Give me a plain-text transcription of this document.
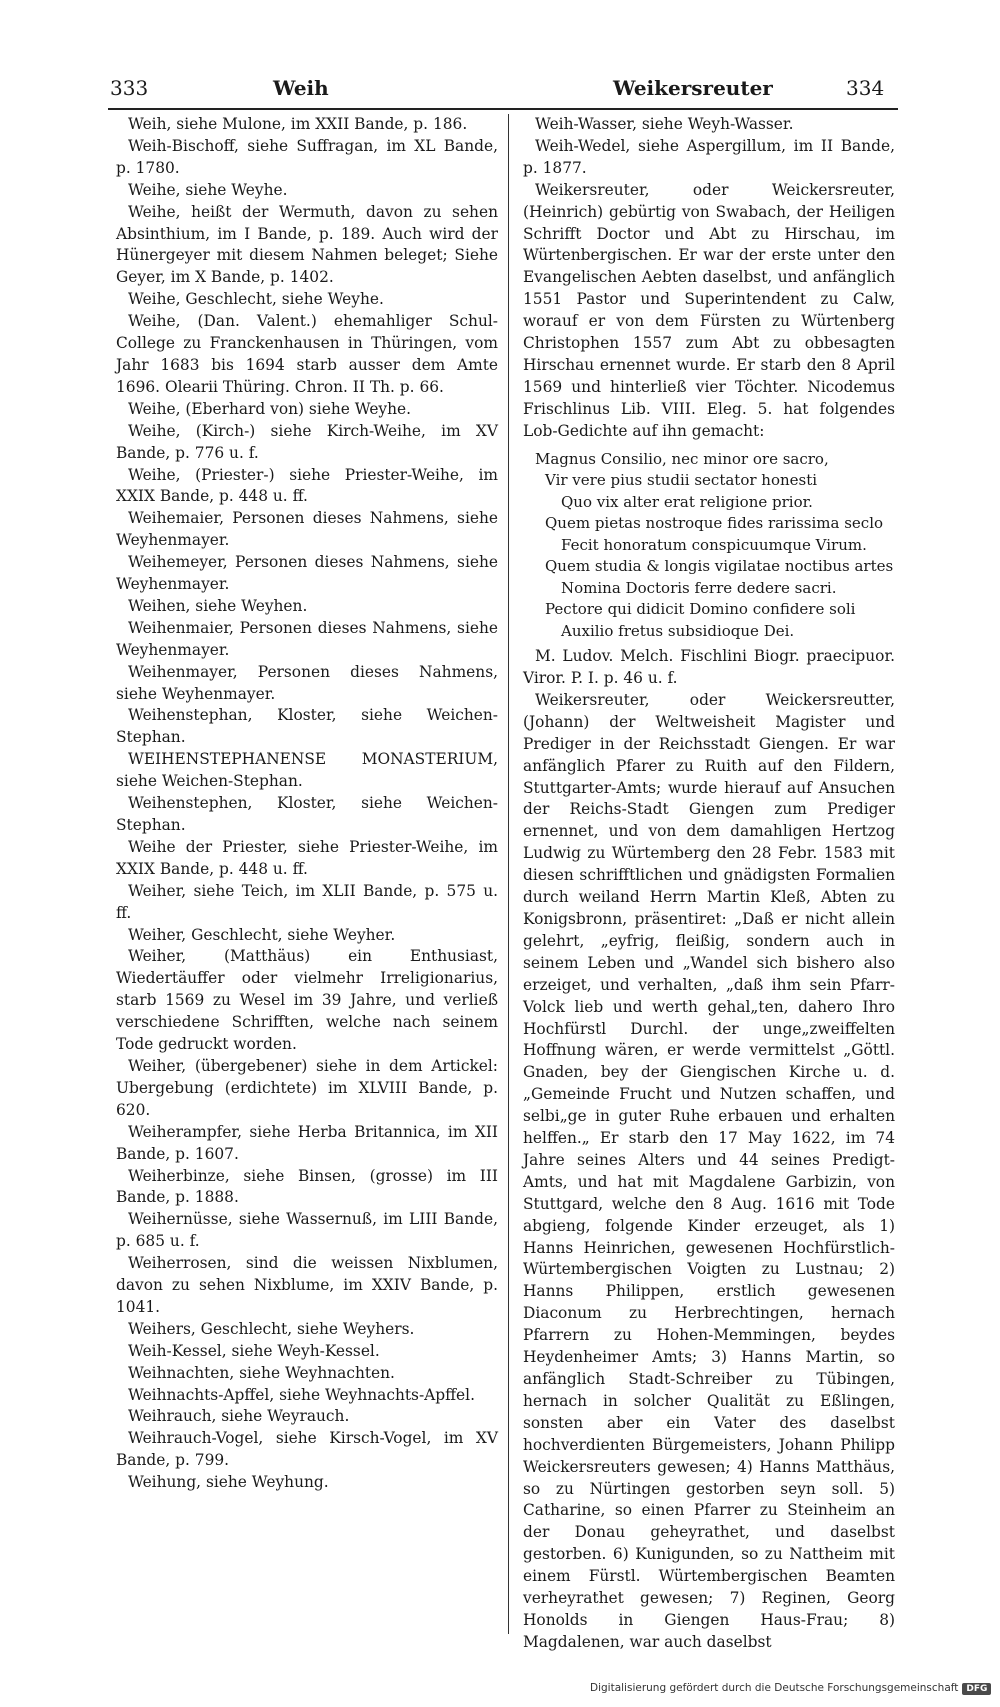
333	Weih	Weikersreuter	334

Weih, siehe Mulone, im XXII Bande, p. 186.

Weih-Bischoff, siehe Suffragan, im XL Bande, p. 1780.

Weihe, siehe Weyhe.

Weihe, heißt der Wermuth, davon zu sehen Absinthium, im I Bande, p. 189. Auch wird der Hünergeyer mit diesem Nahmen beleget; Siehe Geyer, im X Bande, p. 1402.

Weihe, Geschlecht, siehe Weyhe.

Weihe, (Dan. Valent.) ehemahliger Schul-College zu Franckenhausen in Thüringen, vom Jahr 1683 bis 1694 starb ausser dem Amte 1696. Olearii Thüring. Chron. II Th. p. 66.

Weihe, (Eberhard von) siehe Weyhe.

Weihe, (Kirch-) siehe Kirch-Weihe, im XV Bande, p. 776 u. f.

Weihe, (Priester-) siehe Priester-Weihe, im XXIX Bande, p. 448 u. ff.

Weihemaier, Personen dieses Nahmens, siehe Weyhenmayer.

Weihemeyer, Personen dieses Nahmens, siehe Weyhenmayer.

Weihen, siehe Weyhen.

Weihenmaier, Personen dieses Nahmens, siehe Weyhenmayer.

Weihenmayer, Personen dieses Nahmens, siehe Weyhenmayer.

Weihenstephan, Kloster, siehe Weichen-Stephan.

WEIHENSTEPHANENSE MONASTERIUM, siehe Weichen-Stephan.

Weihenstephen, Kloster, siehe Weichen-Stephan.

Weihe der Priester, siehe Priester-Weihe, im XXIX Bande, p. 448 u. ff.

Weiher, siehe Teich, im XLII Bande, p. 575 u. ff.

Weiher, Geschlecht, siehe Weyher.

Weiher, (Matthäus) ein Enthusiast, Wiedertäuffer oder vielmehr Irreligionarius, starb 1569 zu Wesel im 39 Jahre, und verließ verschiedene Schrifften, welche nach seinem Tode gedruckt worden.

Weiher, (übergebener) siehe in dem Artickel: Ubergebung (erdichtete) im XLVIII Bande, p. 620.

Weiherampfer, siehe Herba Britannica, im XII Bande, p. 1607.

Weiherbinze, siehe Binsen, (grosse) im III Bande, p. 1888.

Weihernüsse, siehe Wassernuß, im LIII Bande, p. 685 u. f.

Weiherrosen, sind die weissen Nixblumen, davon zu sehen Nixblume, im XXIV Bande, p. 1041.

Weihers, Geschlecht, siehe Weyhers.

Weih-Kessel, siehe Weyh-Kessel.

Weihnachten, siehe Weyhnachten.

Weihnachts-Apffel, siehe Weyhnachts-Apffel.

Weihrauch, siehe Weyrauch.

Weihrauch-Vogel, siehe Kirsch-Vogel, im XV Bande, p. 799.

Weihung, siehe Weyhung.

Weih-Wasser, siehe Weyh-Wasser.

Weih-Wedel, siehe Aspergillum, im II Bande, p. 1877.

Weikersreuter, oder Weickersreuter, (Heinrich) gebürtig von Swabach, der Heiligen Schrifft Doctor und Abt zu Hirschau, im Würtenbergischen. Er war der erste unter den Evangelischen Aebten daselbst, und anfänglich 1551 Pastor und Superintendent zu Calw, worauf er von dem Fürsten zu Würtenberg Christophen 1557 zum Abt zu obbesagten Hirschau ernennet wurde. Er starb den 8 April 1569 und hinterließ vier Töchter. Nicodemus Frischlinus Lib. VIII. Eleg. 5. hat folgendes Lob-Gedichte auf ihn gemacht:

Magnus Consilio, nec minor ore sacro,
Vir vere pius studii sectator honesti
Quo vix alter erat religione prior.
Quem pietas nostroque fides rarissima seclo
Fecit honoratum conspicuumque Virum.
Quem studia & longis vigilatae noctibus artes
Nomina Doctoris ferre dedere sacri.
Pectore qui didicit Domino confidere soli
Auxilio fretus subsidioque Dei.

M. Ludov. Melch. Fischlini Biogr. praecipuor. Viror. P. I. p. 46 u. f.

Weikersreuter, oder Weickersreutter, (Johann) der Weltweisheit Magister und Prediger in der Reichsstadt Giengen. Er war anfänglich Pfarer zu Ruith auf den Fildern, Stuttgarter-Amts; wurde hierauf auf Ansuchen der Reichs-Stadt Giengen zum Prediger ernennet, und von dem damahligen Hertzog Ludwig zu Würtemberg den 28 Febr. 1583 mit diesen schrifftlichen und gnädigsten Formalien durch weiland Herrn Martin Kleß, Abten zu Konigsbronn, präsentiret: „Daß er nicht allein gelehrt, „eyfrig, fleißig, sondern auch in seinem Leben und „Wandel sich bishero also erzeiget, und verhalten, „daß ihm sein Pfarr-Volck lieb und werth gehal„ten, dahero Ihro Hochfürstl Durchl. der unge„zweiffelten Hoffnung wären, er werde vermittelst „Göttl. Gnaden, bey der Giengischen Kirche u. d. „Gemeinde Frucht und Nutzen schaffen, und selbi„ge in guter Ruhe erbauen und erhalten helffen.„ Er starb den 17 May 1622, im 74 Jahre seines Alters und 44 seines Predigt-Amts, und hat mit Magdalene Garbizin, von Stuttgard, welche den 8 Aug. 1616 mit Tode abgieng, folgende Kinder erzeuget, als 1) Hanns Heinrichen, gewesenen Hochfürstlich-Würtembergischen Voigten zu Lustnau; 2) Hanns Philippen, erstlich gewesenen Diaconum zu Herbrechtingen, hernach Pfarrern zu Hohen-Memmingen, beydes Heydenheimer Amts; 3) Hanns Martin, so anfänglich Stadt-Schreiber zu Tübingen, hernach in solcher Qualität zu Eßlingen, sonsten aber ein Vater des daselbst hochverdienten Bürgemeisters, Johann Philipp Weickersreuters gewesen; 4) Hanns Matthäus, so zu Nürtingen gestorben seyn soll. 5) Catharine, so einen Pfarrer zu Steinheim an der Donau geheyrathet, und daselbst gestorben. 6) Kunigunden, so zu Nattheim mit einem Fürstl. Würtembergischen Beamten verheyrathet gewesen; 7) Reginen, Georg Honolds in Giengen Haus-Frau; 8) Magdalenen, war auch daselbst

Digitalisierung gefördert durch die Deutsche Forschungsgemeinschaft DFG
